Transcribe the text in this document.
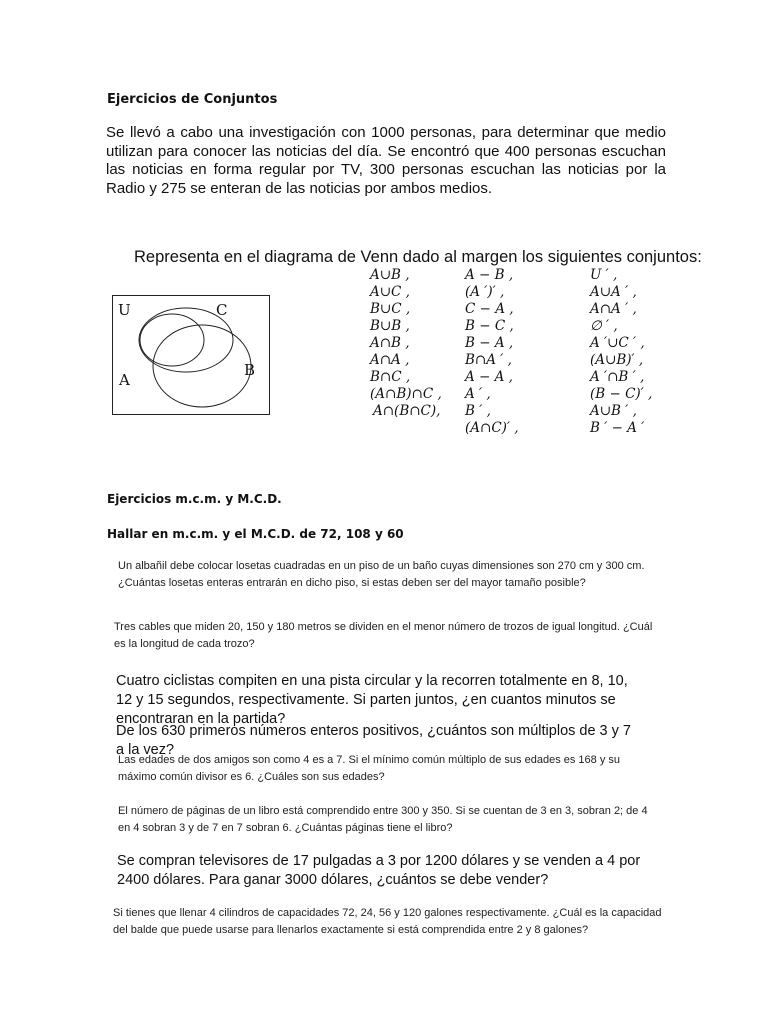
Ejercicios de Conjuntos
Se llevó a cabo una investigación con 1000 personas, para determinar que medio utilizan para conocer las noticias del día. Se encontró que 400 personas escuchan las noticias en forma regular por TV, 300 personas escuchan las noticias por la Radio y 275 se enteran de las noticias por ambos medios.
Representa en el diagrama de Venn dado al margen los siguientes conjuntos:
U	C
A
B
A∪B ,
A∪C ,
B∪C ,
B∪B ,
A∩B ,
A∩A ,
B∩C ,
(A∩B)∩C ,
A∩(B∩C),
A − B ,
(A ′)′ ,
C − A ,
B − C ,
B − A ,
B∩A ′ ,
A − A ,
A ′ ,
B ′ ,
(A∩C)′ ,
U ′ ,
A∪A ′ ,
A∩A ′ ,
∅ ′ ,
A ′∪C ′ ,
(A∪B)′ ,
A ′∩B ′ ,
(B − C)′ ,
A∪B ′ ,
B ′ − A ′
Ejercicios m.c.m. y M.C.D.
Hallar en m.c.m. y el M.C.D. de 72, 108 y 60
Un albañil debe colocar losetas cuadradas en un piso de un baño cuyas dimensiones son 270 cm y 300 cm. ¿Cuántas losetas enteras entrarán en dicho piso, si estas deben ser del mayor tamaño posible?
Tres cables que miden 20, 150 y 180 metros se dividen en el menor número de trozos de igual longitud. ¿Cuál es la longitud de cada trozo?
Cuatro ciclistas compiten en una pista circular y la recorren totalmente en 8, 10, 12 y 15 segundos, respectivamente. Si parten juntos, ¿en cuantos minutos se encontraran en la partida?
De los 630 primeros números enteros positivos, ¿cuántos son múltiplos de 3 y 7 a la vez?
Las edades de dos amigos son como 4 es a 7. Si el mínimo común múltiplo de sus edades es 168 y su máximo común divisor es 6. ¿Cuáles son sus edades?
El número de páginas de un libro está comprendido entre 300 y 350. Si se cuentan de 3 en 3, sobran 2; de 4 en 4 sobran 3 y de 7 en 7 sobran 6. ¿Cuántas páginas tiene el libro?
Se compran televisores de 17 pulgadas a 3 por 1200 dólares y se venden a 4 por 2400 dólares. Para ganar 3000 dólares, ¿cuántos se debe vender?
Si tienes que llenar 4 cilindros de capacidades 72, 24, 56 y 120 galones respectivamente. ¿Cuál es la capacidad del balde que puede usarse para llenarlos exactamente si está comprendida entre 2 y 8 galones?
